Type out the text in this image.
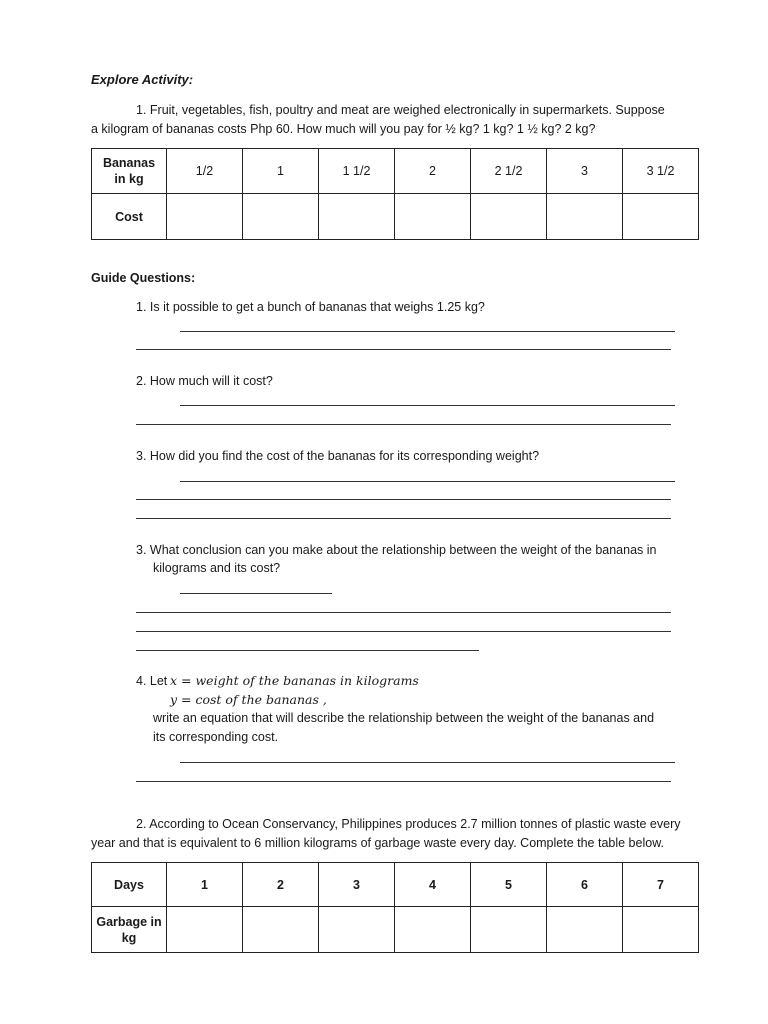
Explore Activity:
1. Fruit, vegetables, fish, poultry and meat are weighed electronically in supermarkets. Suppose
a kilogram of bananas costs Php 60. How much will you pay for ½ kg? 1 kg? 1 ½ kg? 2 kg?
Bananas in kg	1/2	1	1 1/2	2	2 1/2	3	3 1/2
Cost							
Guide Questions:
1. Is it possible to get a bunch of bananas that weighs 1.25 kg?
2. How much will it cost?
3. How did you find the cost of the bananas for its corresponding weight?
3. What conclusion can you make about the relationship between the weight of the bananas in
kilograms and its cost?
4. Let x = weight of the bananas in kilograms
y = cost of the bananas ,
write an equation that will describe the relationship between the weight of the bananas and
its corresponding cost.
2. According to Ocean Conservancy, Philippines produces 2.7 million tonnes of plastic waste every
year and that is equivalent to 6 million kilograms of garbage waste every day. Complete the table below.
Days	1	2	3	4	5	6	7
Garbage in kg							
